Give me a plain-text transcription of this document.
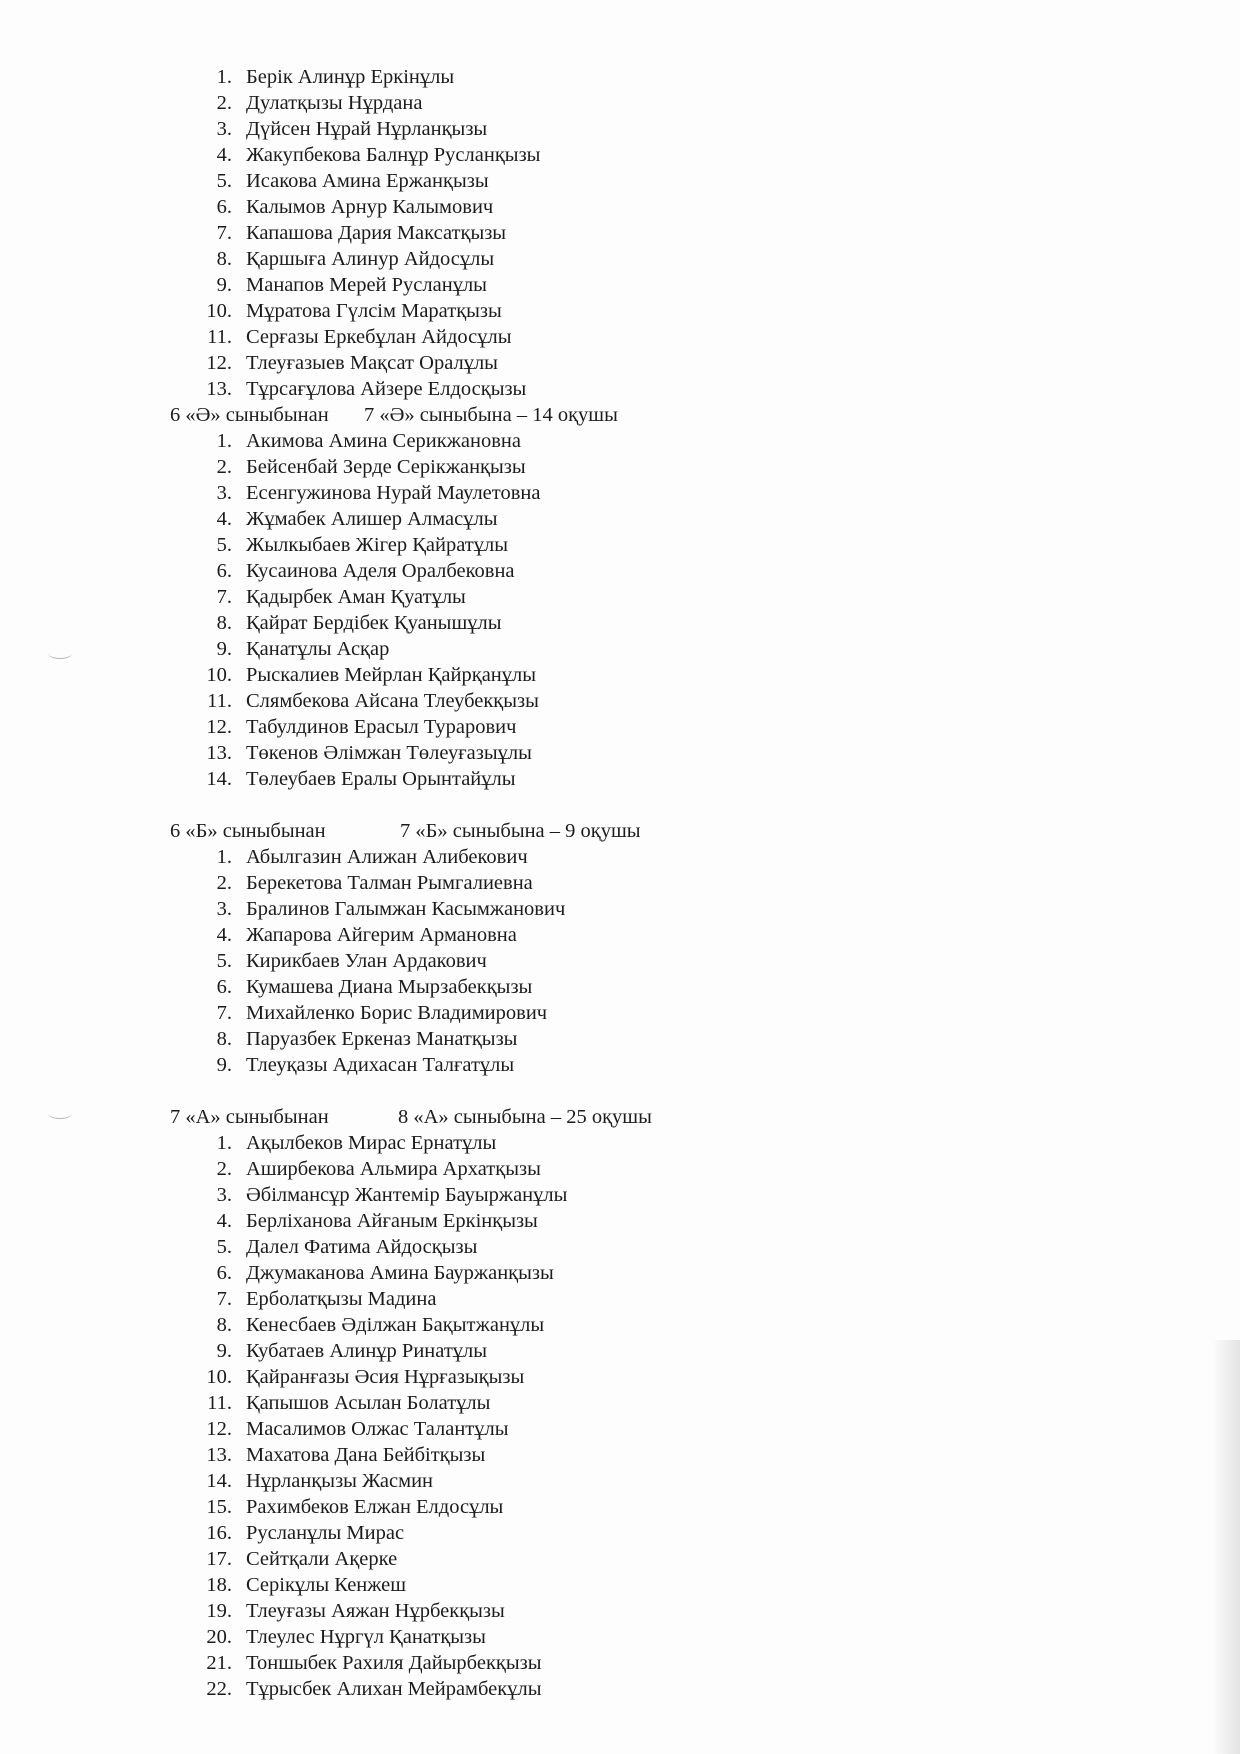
1. Берік Алинұр Еркінұлы
2. Дулатқызы Нұрдана
3. Дүйсен Нұрай Нұрланқызы
4. Жакупбекова Балнұр Русланқызы
5. Исакова Амина Ержанқызы
6. Калымов Арнур Калымович
7. Капашова Дария Максатқызы
8. Қаршыға Алинур Айдосұлы
9. Манапов Мерей Русланұлы
10. Мұратова Гүлсім Маратқызы
11. Серғазы Еркебұлан Айдосұлы
12. Тлеуғазыев Мақсат Оралұлы
13. Тұрсағұлова Айзере Елдосқызы
6 «Ә» сыныбынан 7 «Ә» сыныбына – 14 оқушы
1. Акимова Амина Серикжановна
2. Бейсенбай Зерде Серікжанқызы
3. Есенгужинова Нурай Маулетовна
4. Жұмабек Алишер Алмасұлы
5. Жылкыбаев Жігер Қайратұлы
6. Кусаинова Аделя Оралбековна
7. Қадырбек Аман Қуатұлы
8. Қайрат Бердібек Қуанышұлы
9. Қанатұлы Асқар
10. Рыскалиев Мейрлан Қайрқанұлы
11. Слямбекова Айсана Тлеубекқызы
12. Табулдинов Ерасыл Турарович
13. Төкенов Әлімжан Төлеуғазыұлы
14. Төлеубаев Ералы Орынтайұлы
6 «Б» сыныбынан	7 «Б» сыныбына – 9 оқушы
1. Абылгазин Алижан Алибекович
2. Берекетова Талман Рымгалиевна
3. Бралинов Галымжан Касымжанович
4. Жапарова Айгерим Армановна
5. Кирикбаев Улан Ардакович
6. Кумашева Диана Мырзабекқызы
7. Михайленко Борис Владимирович
8. Паруазбек Еркеназ Манатқызы
9. Тлеуқазы Адихасан Талғатұлы
7 «А» сыныбынан	8 «А» сыныбына – 25 оқушы
1. Ақылбеков Мирас Ернатұлы
2. Аширбекова Альмира Архатқызы
3. Әбілмансұр Жантемір Бауыржанұлы
4. Берліханова Айғаным Еркінқызы
5. Далел Фатима Айдосқызы
6. Джумаканова Амина Бауржанқызы
7. Ерболатқызы Мадина
8. Кенесбаев Әділжан Бақытжанұлы
9. Кубатаев Алинұр Ринатұлы
10. Қайранғазы Әсия Нұрғазықызы
11. Қапышов Асылан Болатұлы
12. Масалимов Олжас Талантұлы
13. Махатова Дана Бейбітқызы
14. Нұрланқызы Жасмин
15. Рахимбеков Елжан Елдосұлы
16. Русланұлы Мирас
17. Сейтқали Ақерке
18. Серікұлы Кенжеш
19. Тлеуғазы Аяжан Нұрбекқызы
20. Тлеулес Нұргүл Қанатқызы
21. Тоншыбек Рахиля Дайырбекқызы
22. Тұрысбек Алихан Мейрамбекұлы
